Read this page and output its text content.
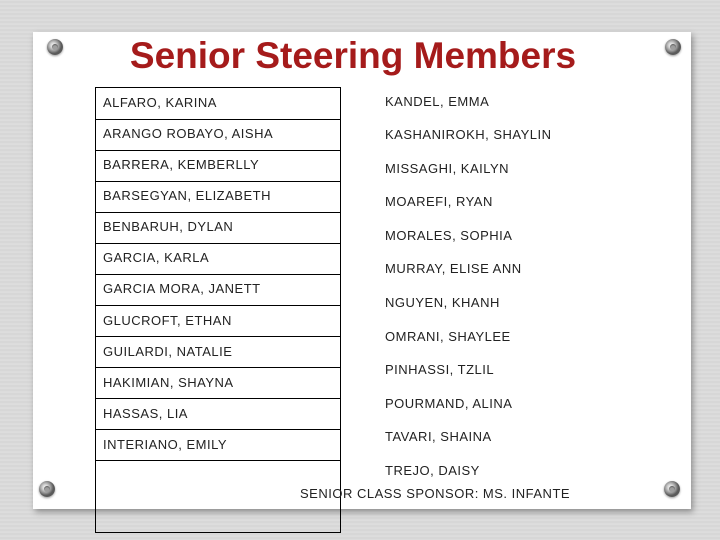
Senior Steering Members
ALFARO, KARINA
ARANGO ROBAYO, AISHA
BARRERA, KEMBERLLY
BARSEGYAN, ELIZABETH
BENBARUH, DYLAN
GARCIA, KARLA
GARCIA MORA, JANETT
GLUCROFT, ETHAN
GUILARDI, NATALIE
HAKIMIAN, SHAYNA
HASSAS, LIA
INTERIANO, EMILY
KANDEL, EMMA
KASHANIROKH, SHAYLIN
MISSAGHI, KAILYN
MOAREFI, RYAN
MORALES, SOPHIA
MURRAY, ELISE ANN
NGUYEN, KHANH
OMRANI, SHAYLEE
PINHASSI, TZLIL
POURMAND, ALINA
TAVARI, SHAINA
TREJO, DAISY
SENIOR CLASS SPONSOR: MS. INFANTE
